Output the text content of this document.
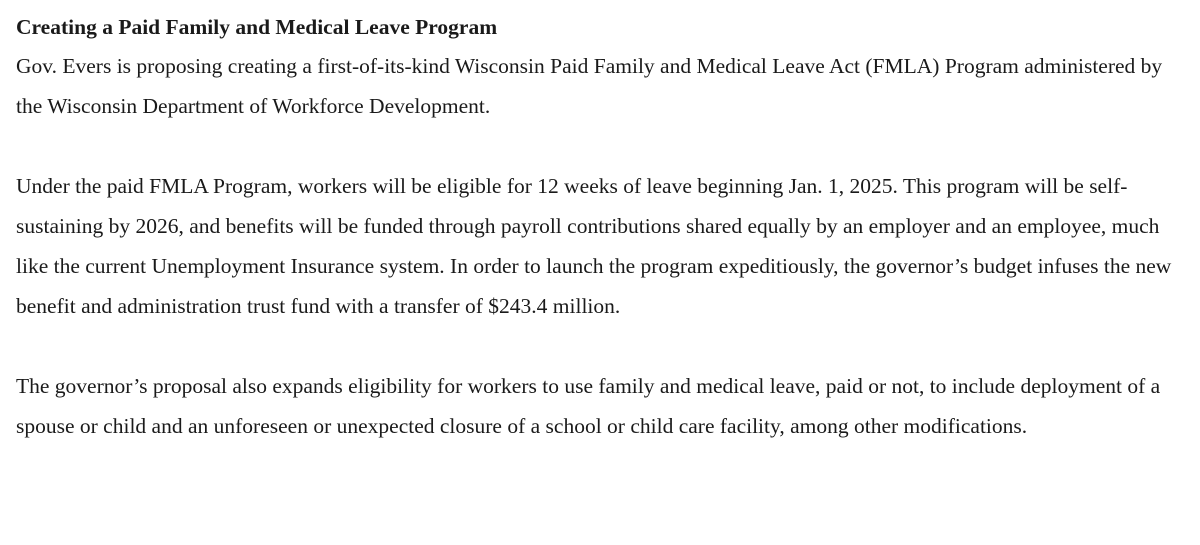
Creating a Paid Family and Medical Leave Program

Gov. Evers is proposing creating a first-of-its-kind Wisconsin Paid Family and Medical Leave Act (FMLA) Program administered by the Wisconsin Department of Workforce Development.

Under the paid FMLA Program, workers will be eligible for 12 weeks of leave beginning Jan. 1, 2025. This program will be self-sustaining by 2026, and benefits will be funded through payroll contributions shared equally by an employer and an employee, much like the current Unemployment Insurance system. In order to launch the program expeditiously, the governor’s budget infuses the new benefit and administration trust fund with a transfer of $243.4 million.

The governor’s proposal also expands eligibility for workers to use family and medical leave, paid or not, to include deployment of a spouse or child and an unforeseen or unexpected closure of a school or child care facility, among other modifications.
